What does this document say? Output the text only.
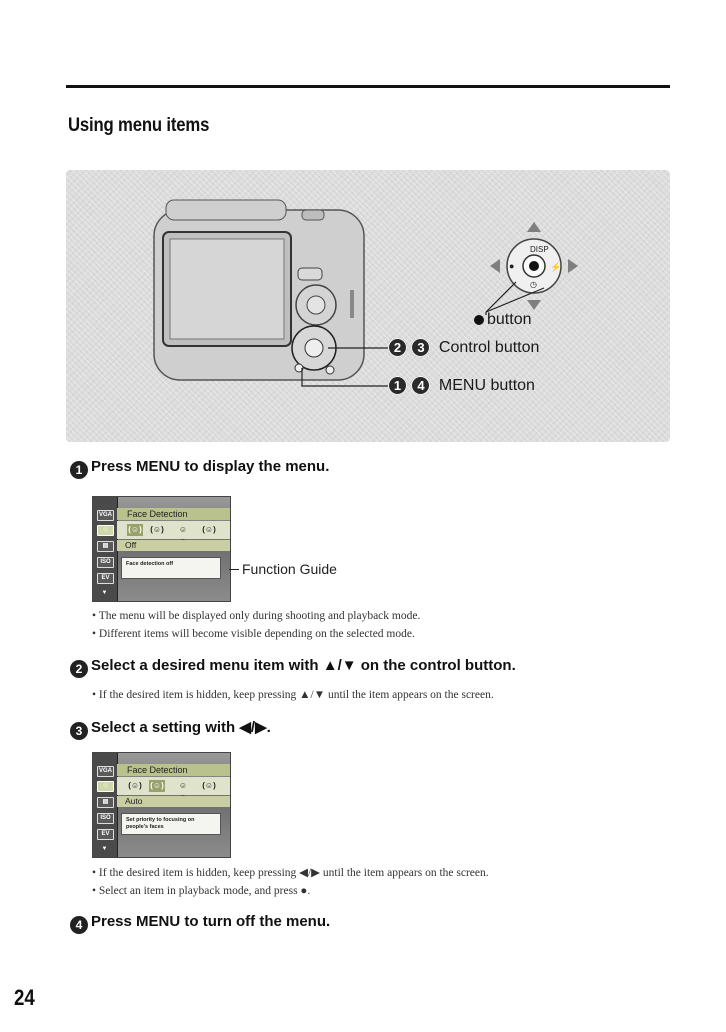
Using menu items
DISP
●	⚡
◷
button
2 3 Control button
1 4 MENU button
1 Press MENU to display the menu.
VGA
☺
▤
ISO
EV
▼
Face Detection
(☺) (☺)	☺	(☺)
Off
Face detection off	Function Guide
• The menu will be displayed only during shooting and playback mode.
• Different items will become visible depending on the selected mode.
2 Select a desired menu item with ▲/▼ on the control button.
• If the desired item is hidden, keep pressing ▲/▼ until the item appears on the screen.
3 Select a setting with ◀/▶.
VGA
☺
▤
ISO
EV
▼
Face Detection
(☺) (☺)	☺	(☺)
Auto
Set priority to focusing on people's faces
• If the desired item is hidden, keep pressing ◀/▶ until the item appears on the screen.
• Select an item in playback mode, and press ●.
4 Press MENU to turn off the menu.
24
